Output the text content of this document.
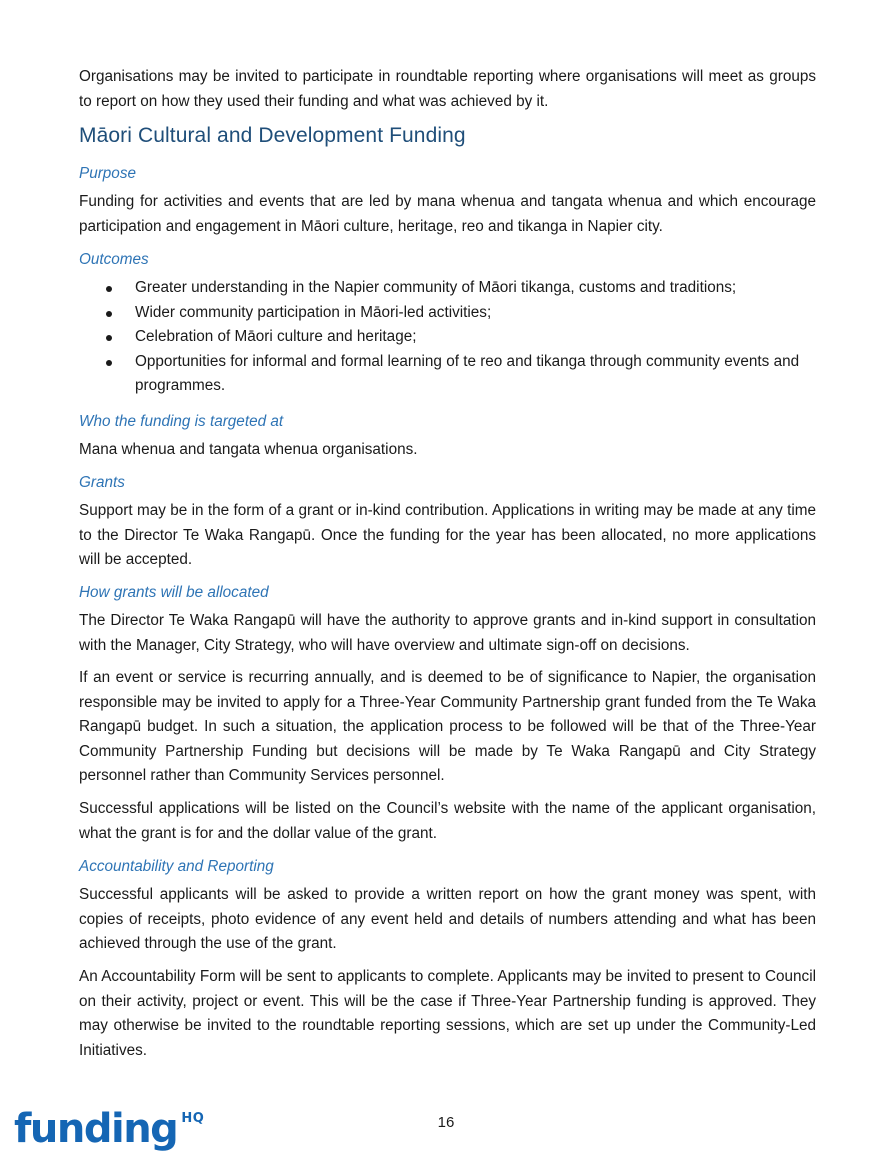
Organisations may be invited to participate in roundtable reporting where organisations will meet as groups to report on how they used their funding and what was achieved by it.

Māori Cultural and Development Funding
Purpose

Funding for activities and events that are led by mana whenua and tangata whenua and which encourage participation and engagement in Māori culture, heritage, reo and tikanga in Napier city.

Outcomes
Greater understanding in the Napier community of Māori tikanga, customs and traditions;
Wider community participation in Māori-led activities;
Celebration of Māori culture and heritage;
Opportunities for informal and formal learning of te reo and tikanga through community events and programmes.
Who the funding is targeted at

Mana whenua and tangata whenua organisations.

Grants

Support may be in the form of a grant or in-kind contribution. Applications in writing may be made at any time to the Director Te Waka Rangapū. Once the funding for the year has been allocated, no more applications will be accepted.

How grants will be allocated

The Director Te Waka Rangapū will have the authority to approve grants and in-kind support in consultation with the Manager, City Strategy, who will have overview and ultimate sign-off on decisions.

If an event or service is recurring annually, and is deemed to be of significance to Napier, the organisation responsible may be invited to apply for a Three-Year Community Partnership grant funded from the Te Waka Rangapū budget. In such a situation, the application process to be followed will be that of the Three-Year Community Partnership Funding but decisions will be made by Te Waka Rangapū and City Strategy personnel rather than Community Services personnel.

Successful applications will be listed on the Council’s website with the name of the applicant organisation, what the grant is for and the dollar value of the grant.

Accountability and Reporting

Successful applicants will be asked to provide a written report on how the grant money was spent, with copies of receipts, photo evidence of any event held and details of numbers attending and what has been achieved through the use of the grant.

An Accountability Form will be sent to applicants to complete. Applicants may be invited to present to Council on their activity, project or event. This will be the case if Three-Year Partnership funding is approved. They may otherwise be invited to the roundtable reporting sessions, which are set up under the Community-Led Initiatives.

funding $^{HQ}$	16
